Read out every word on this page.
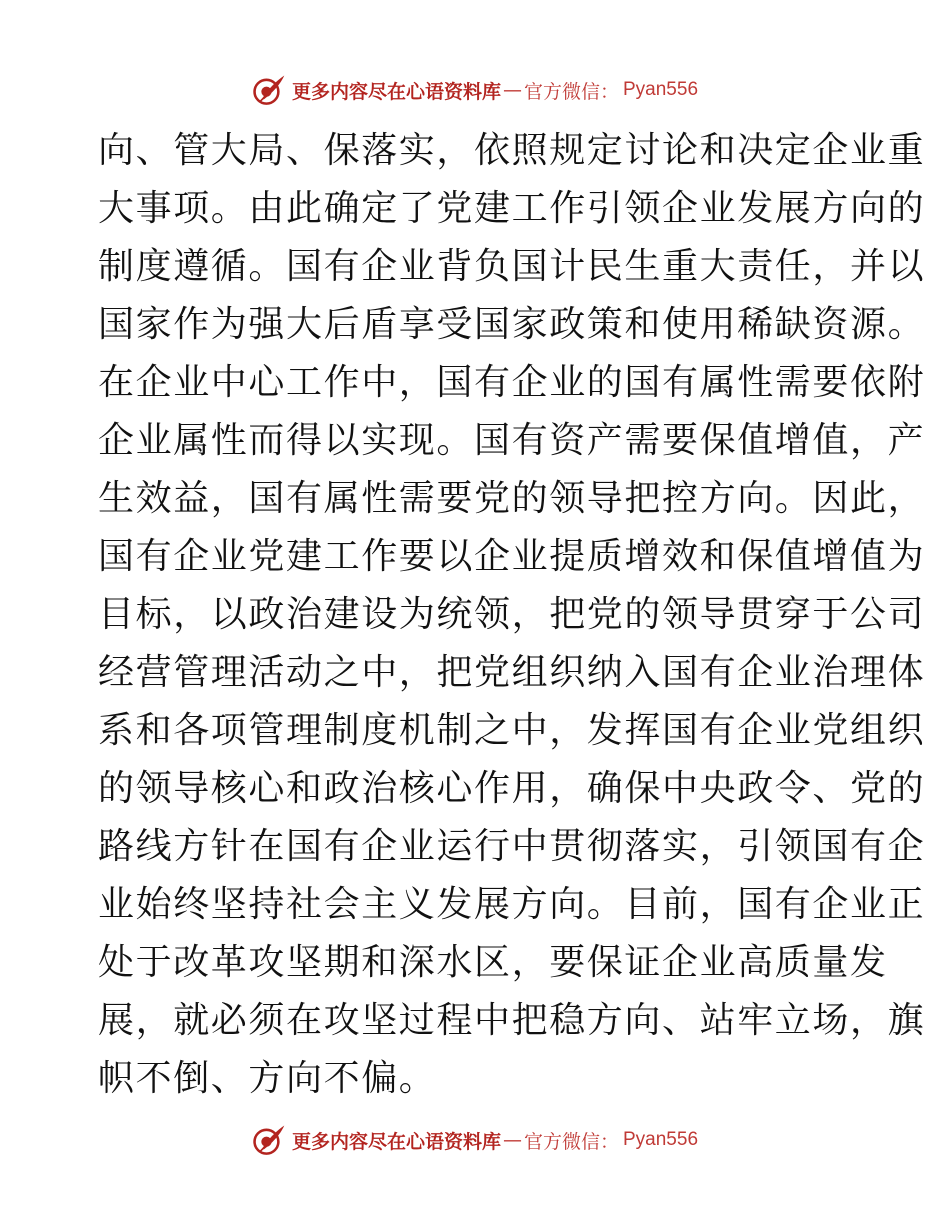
更多内容尽在心语资料库 — 官方微信： Pyan556
向、管大局、保落实，依照规定讨论和决定企业重
大事项。由此确定了党建工作引领企业发展方向的
制度遵循。国有企业背负国计民生重大责任，并以
国家作为强大后盾享受国家政策和使用稀缺资源。
在企业中心工作中，国有企业的国有属性需要依附
企业属性而得以实现。国有资产需要保值增值，产
生效益，国有属性需要党的领导把控方向。因此，
国有企业党建工作要以企业提质增效和保值增值为
目标，以政治建设为统领，把党的领导贯穿于公司
经营管理活动之中，把党组织纳入国有企业治理体
系和各项管理制度机制之中，发挥国有企业党组织
的领导核心和政治核心作用，确保中央政令、党的
路线方针在国有企业运行中贯彻落实，引领国有企
业始终坚持社会主义发展方向。目前，国有企业正
处于改革攻坚期和深水区，要保证企业高质量发
展，就必须在攻坚过程中把稳方向、站牢立场，旗
帜不倒、方向不偏。
更多内容尽在心语资料库 — 官方微信： Pyan556
